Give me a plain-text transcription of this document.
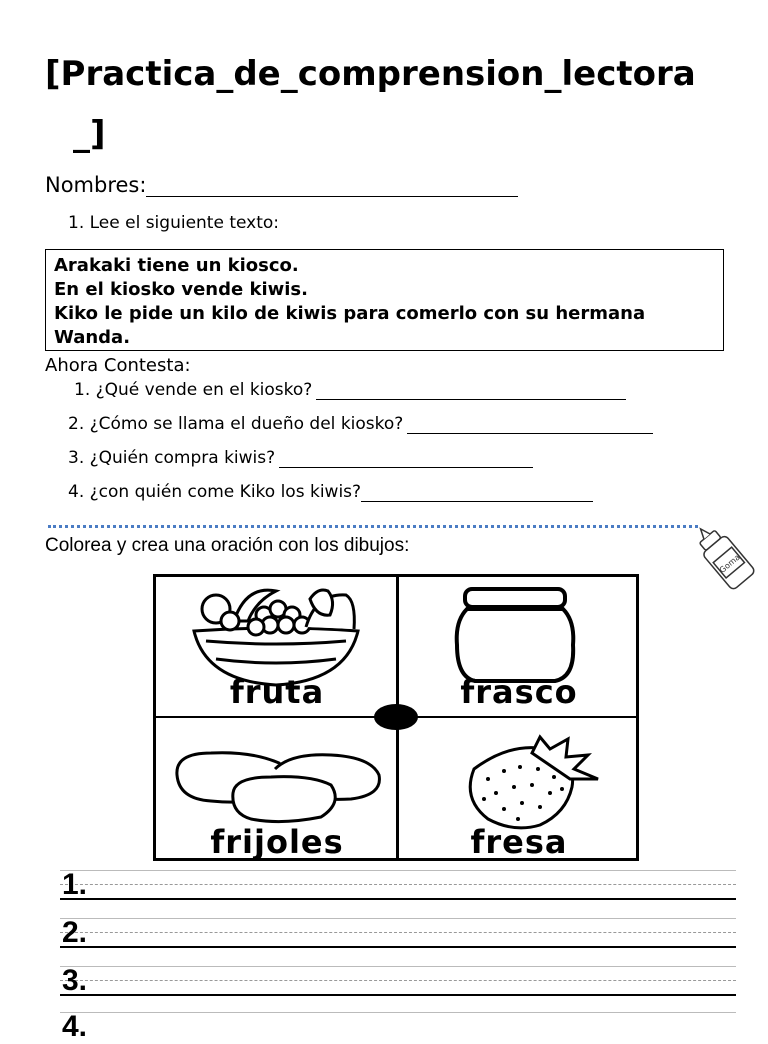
[Practica_de_comprension_lectora
_]
Nombres:
1. Lee el siguiente texto:
Arakaki tiene un kiosco.
En el kiosko vende kiwis.
Kiko le pide un kilo de kiwis para comerlo con su hermana
Wanda.
Ahora Contesta:
1. ¿Qué vende en el kiosko?
2. ¿Cómo se llama el dueño del kiosko?
3. ¿Quién compra kiwis?
4. ¿con quién come Kiko los kiwis?
Colorea y crea una oración con los dibujos:
Goma
fruta	frasco
frijoles	fresa
1.
2.
3.
4.
